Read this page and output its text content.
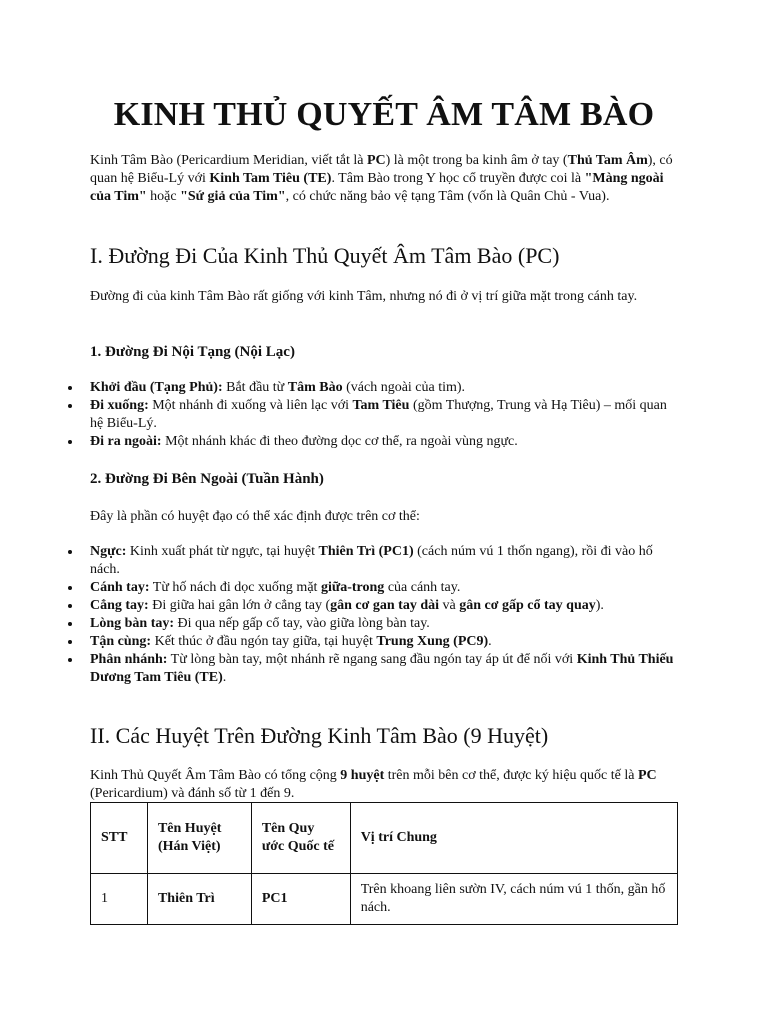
KINH THỦ QUYẾT ÂM TÂM BÀO

Kinh Tâm Bào (Pericardium Meridian, viết tắt là PC) là một trong ba kinh âm ở tay (Thủ Tam Âm), có quan hệ Biểu-Lý với Kinh Tam Tiêu (TE). Tâm Bào trong Y học cổ truyền được coi là "Màng ngoài của Tim" hoặc "Sứ giả của Tim", có chức năng bảo vệ tạng Tâm (vốn là Quân Chủ - Vua).

I. Đường Đi Của Kinh Thủ Quyết Âm Tâm Bào (PC)

Đường đi của kinh Tâm Bào rất giống với kinh Tâm, nhưng nó đi ở vị trí giữa mặt trong cánh tay.

1. Đường Đi Nội Tạng (Nội Lạc)
Khởi đầu (Tạng Phủ): Bắt đầu từ Tâm Bào (vách ngoài của tim).
Đi xuống: Một nhánh đi xuống và liên lạc với Tam Tiêu (gồm Thượng, Trung và Hạ Tiêu) – mối quan hệ Biểu-Lý.
Đi ra ngoài: Một nhánh khác đi theo đường dọc cơ thể, ra ngoài vùng ngực.
2. Đường Đi Bên Ngoài (Tuần Hành)

Đây là phần có huyệt đạo có thể xác định được trên cơ thể:

Ngực: Kinh xuất phát từ ngực, tại huyệt Thiên Trì (PC1) (cách núm vú 1 thốn ngang), rồi đi vào hố nách.
Cánh tay: Từ hố nách đi dọc xuống mặt giữa-trong của cánh tay.
Cẳng tay: Đi giữa hai gân lớn ở cẳng tay (gân cơ gan tay dài và gân cơ gấp cổ tay quay).
Lòng bàn tay: Đi qua nếp gấp cổ tay, vào giữa lòng bàn tay.
Tận cùng: Kết thúc ở đầu ngón tay giữa, tại huyệt Trung Xung (PC9).
Phân nhánh: Từ lòng bàn tay, một nhánh rẽ ngang sang đầu ngón tay áp út để nối với Kinh Thủ Thiếu Dương Tam Tiêu (TE).
II. Các Huyệt Trên Đường Kinh Tâm Bào (9 Huyệt)

Kinh Thủ Quyết Âm Tâm Bào có tổng cộng 9 huyệt trên mỗi bên cơ thể, được ký hiệu quốc tế là PC (Pericardium) và đánh số từ 1 đến 9.

STT	Tên Huyệt (Hán Việt)	Tên Quy ước Quốc tế	Vị trí Chung
1	Thiên Trì	PC1	Trên khoang liên sườn IV, cách núm vú 1 thốn, gần hố nách.
